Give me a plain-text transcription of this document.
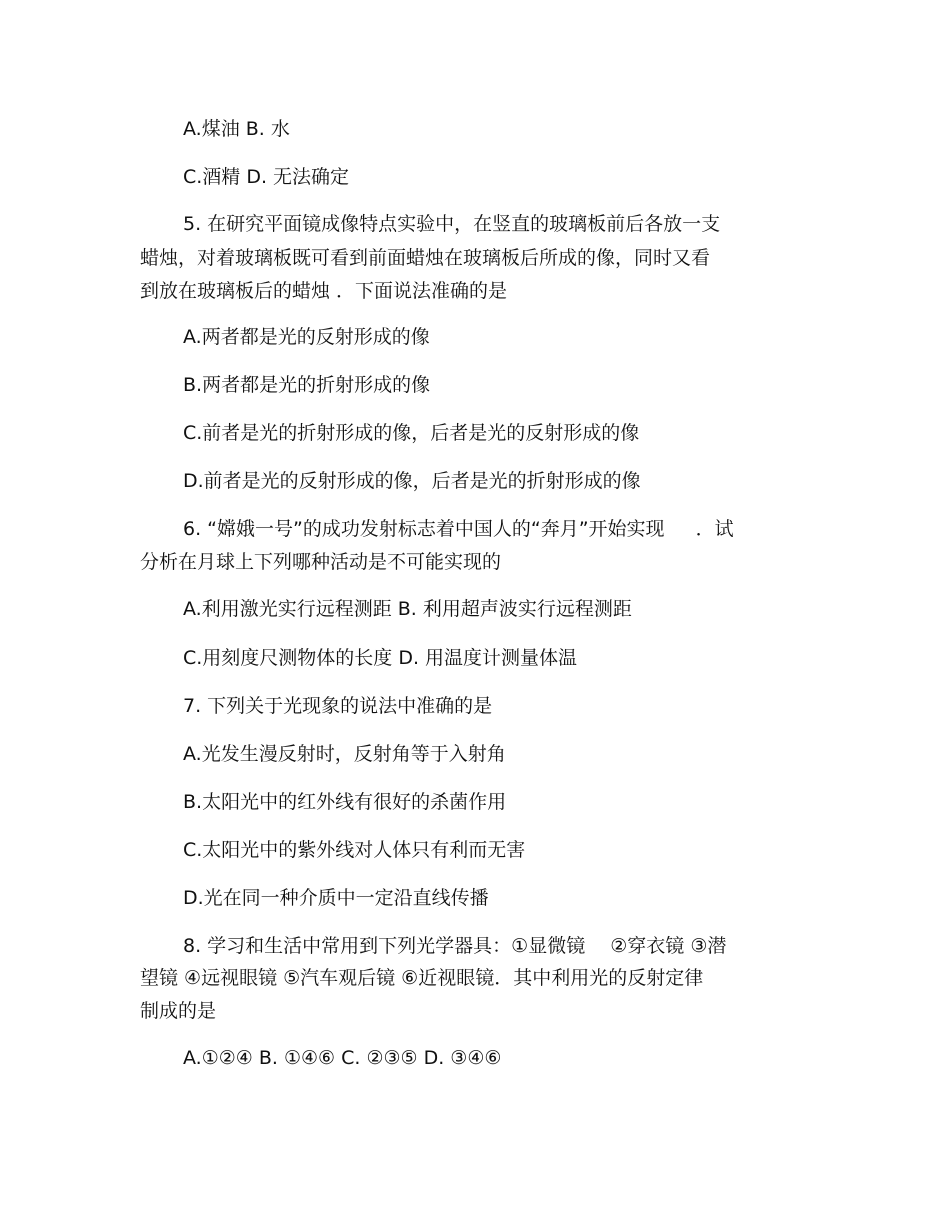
A.煤油 B. 水
C.酒精 D. 无法确定
5. 在研究平面镜成像特点实验中，在竖直的玻璃板前后各放一支
蜡烛，对着玻璃板既可看到前面蜡烛在玻璃板后所成的像，同时又看
到放在玻璃板后的蜡烛 ．下面说法准确的是
A.两者都是光的反射形成的像
B.两者都是光的折射形成的像
C.前者是光的折射形成的像，后者是光的反射形成的像
D.前者是光的反射形成的像，后者是光的折射形成的像
6. “嫦娥一号”的成功发射标志着中国人的“奔月”开始实现 　 ．试
分析在月球上下列哪种活动是不可能实现的
A.利用激光实行远程测距 B. 利用超声波实行远程测距
C.用刻度尺测物体的长度 D. 用温度计测量体温
7. 下列关于光现象的说法中准确的是
A.光发生漫反射时，反射角等于入射角
B.太阳光中的红外线有很好的杀菌作用
C.太阳光中的紫外线对人体只有利而无害
D.光在同一种介质中一定沿直线传播
8. 学习和生活中常用到下列光学器具：①显微镜 　②穿衣镜 ③潜
望镜 ④远视眼镜 ⑤汽车观后镜 ⑥近视眼镜．其中利用光的反射定律
制成的是
A.①②④ B. ①④⑥ C. ②③⑤ D. ③④⑥
